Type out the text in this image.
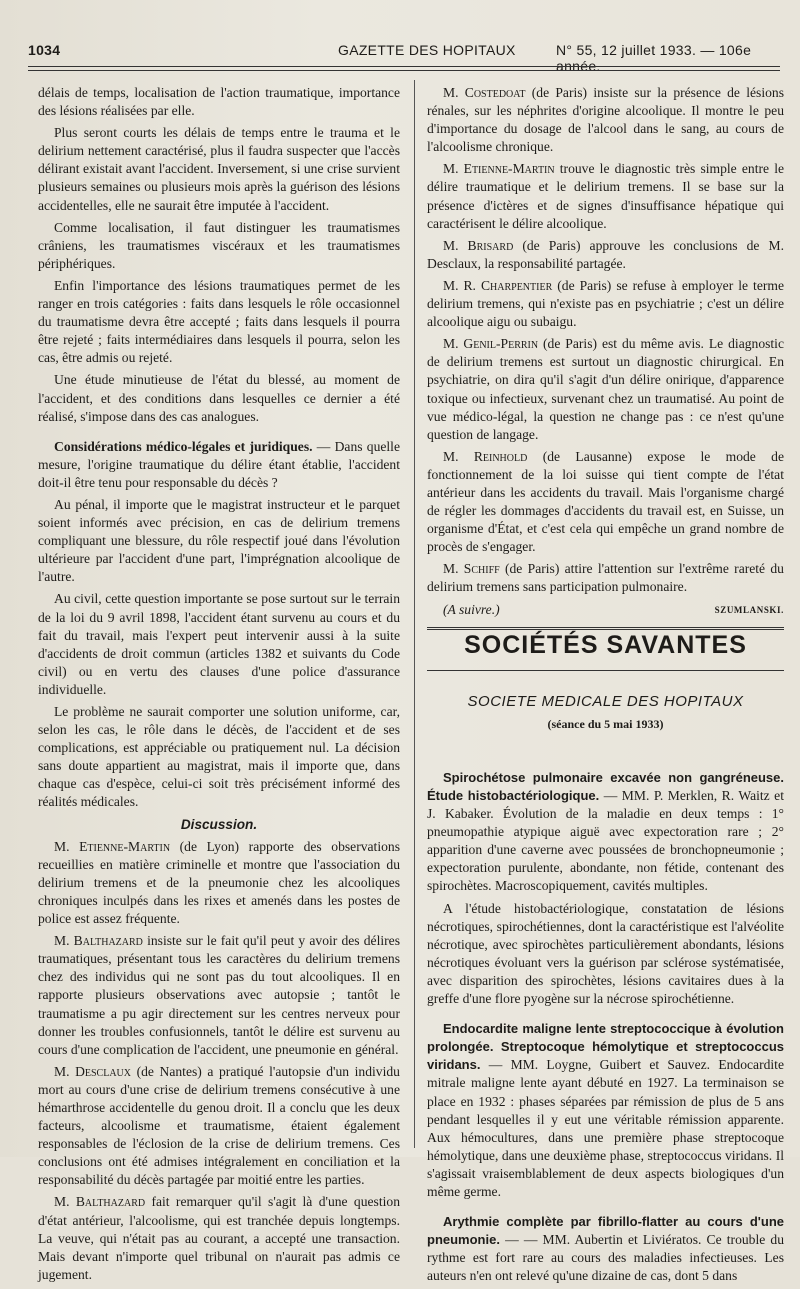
1034	GAZETTE DES HOPITAUX	N° 55, 12 juillet 1933. — 106e année.

délais de temps, localisation de l'action traumatique, importance des lésions réalisées par elle.

Plus seront courts les délais de temps entre le trauma et le delirium nettement caractérisé, plus il faudra suspecter que l'accès délirant existait avant l'accident. Inversement, si une crise survient plusieurs semaines ou plusieurs mois après la guérison des lésions accidentelles, elle ne saurait être imputée à l'accident.

Comme localisation, il faut distinguer les traumatismes crâniens, les traumatismes viscéraux et les traumatismes périphériques.

Enfin l'importance des lésions traumatiques permet de les ranger en trois catégories : faits dans lesquels le rôle occasionnel du traumatisme devra être accepté ; faits dans lesquels il pourra être rejeté ; faits intermédiaires dans lesquels il pourra, selon les cas, être admis ou rejeté.

Une étude minutieuse de l'état du blessé, au moment de l'accident, et des conditions dans lesquelles ce dernier a été réalisé, s'impose dans des cas analogues.

Considérations médico-légales et juridiques. — Dans quelle mesure, l'origine traumatique du délire étant établie, l'accident doit-il être tenu pour responsable du décès ?

Au pénal, il importe que le magistrat instructeur et le parquet soient informés avec précision, en cas de delirium tremens compliquant une blessure, du rôle respectif joué dans l'évolution ultérieure par l'accident d'une part, l'imprégnation alcoolique de l'autre.

Au civil, cette question importante se pose surtout sur le terrain de la loi du 9 avril 1898, l'accident étant survenu au cours et du fait du travail, mais l'expert peut intervenir aussi à la suite d'accidents de droit commun (articles 1382 et suivants du Code civil) ou en vertu des clauses d'une police d'assurance individuelle.

Le problème ne saurait comporter une solution uniforme, car, selon les cas, le rôle dans le décès, de l'accident et de ses complications, est appréciable ou pratiquement nul. La décision sans doute appartient au magistrat, mais il importe que, dans chaque cas d'espèce, celui-ci soit très précisément informé des réalités médicales.

Discussion.

M. Etienne-Martin (de Lyon) rapporte des observations recueillies en matière criminelle et montre que l'association du delirium tremens et de la pneumonie chez les alcooliques chroniques inculpés dans les rixes et amenés dans les postes de police est assez fréquente.

M. Balthazard insiste sur le fait qu'il peut y avoir des délires traumatiques, présentant tous les caractères du delirium tremens chez des individus qui ne sont pas du tout alcooliques. Il en rapporte plusieurs observations avec autopsie ; tantôt le traumatisme a pu agir directement sur les centres nerveux pour donner les troubles confusionnels, tantôt le délire est survenu au cours d'une complication de l'accident, une pneumonie en général.

M. Desclaux (de Nantes) a pratiqué l'autopsie d'un individu mort au cours d'une crise de delirium tremens consécutive à une hémarthrose accidentelle du genou droit. Il a conclu que les deux facteurs, alcoolisme et traumatisme, étaient également responsables de l'éclosion de la crise de delirium tremens. Ces conclusions ont été admises intégralement en conciliation et la responsabilité du décès partagée par moitié entre les parties.

M. Balthazard fait remarquer qu'il s'agit là d'une question d'état antérieur, l'alcoolisme, qui est tranchée depuis longtemps. La veuve, qui n'était pas au courant, a accepté une transaction. Mais devant n'importe quel tribunal on n'aurait pas admis ce jugement.

M. Costedoat (de Paris) insiste sur la présence de lésions rénales, sur les néphrites d'origine alcoolique. Il montre le peu d'importance du dosage de l'alcool dans le sang, au cours de l'alcoolisme chronique.

M. Etienne-Martin trouve le diagnostic très simple entre le délire traumatique et le delirium tremens. Il se base sur la présence d'ictères et de signes d'insuffisance hépatique qui caractérisent le délire alcoolique.

M. Brisard (de Paris) approuve les conclusions de M. Desclaux, la responsabilité partagée.

M. R. Charpentier (de Paris) se refuse à employer le terme delirium tremens, qui n'existe pas en psychiatrie ; c'est un délire alcoolique aigu ou subaigu.

M. Genil-Perrin (de Paris) est du même avis. Le diagnostic de delirium tremens est surtout un diagnostic chirurgical. En psychiatrie, on dira qu'il s'agit d'un délire onirique, d'apparence toxique ou infectieux, survenant chez un traumatisé. Au point de vue médico-légal, la question ne change pas : ce n'est qu'une question de langage.

M. Reinhold (de Lausanne) expose le mode de fonctionnement de la loi suisse qui tient compte de l'état antérieur dans les accidents du travail. Mais l'organisme chargé de régler les dommages d'accidents du travail est, en Suisse, un organisme d'État, et c'est cela qui empêche un grand nombre de procès de s'engager.

M. Schiff (de Paris) attire l'attention sur l'extrême rareté du delirium tremens sans participation pulmonaire.

(A suivre.)	SZUMLANSKI.
SOCIÉTÉS SAVANTES
SOCIETE MEDICALE DES HOPITAUX
(séance du 5 mai 1933)

Spirochétose pulmonaire excavée non gangréneuse. Étude histobactériologique. — MM. P. Merklen, R. Waitz et J. Kabaker. Évolution de la maladie en deux temps : 1° pneumopathie atypique aiguë avec expectoration rare ; 2° apparition d'une caverne avec poussées de bronchopneumonie ; expectoration purulente, abondante, non fétide, contenant des spirochètes. Macroscopiquement, cavités multiples.

A l'étude histobactériologique, constatation de lésions nécrotiques, spirochétiennes, dont la caractéristique est l'alvéolite nécrotique, avec spirochètes particulièrement abondants, lésions nécrotiques évoluant vers la guérison par sclérose systématisée, avec disparition des spirochètes, lésions cavitaires dues à la greffe d'une flore pyogène sur la nécrose spirochétienne.

Endocardite maligne lente streptococcique à évolution prolongée. Streptocoque hémolytique et streptococcus viridans. — MM. Loygne, Guibert et Sauvez. Endocardite mitrale maligne lente ayant débuté en 1927. La terminaison se place en 1932 : phases séparées par rémission de plus de 5 ans pendant lesquelles il y eut une véritable rémission apparente. Aux hémocultures, dans une première phase streptocoque hémolytique, dans une deuxième phase, streptococcus viridans. Il s'agissait vraisemblablement de deux aspects biologiques d'un même germe.

Arythmie complète par fibrillo-flatter au cours d'une pneumonie. — — MM. Aubertin et Liviératos. Ce trouble du rythme est fort rare au cours des maladies infectieuses. Les auteurs n'en ont relevé qu'une dizaine de cas, dont 5 dans
